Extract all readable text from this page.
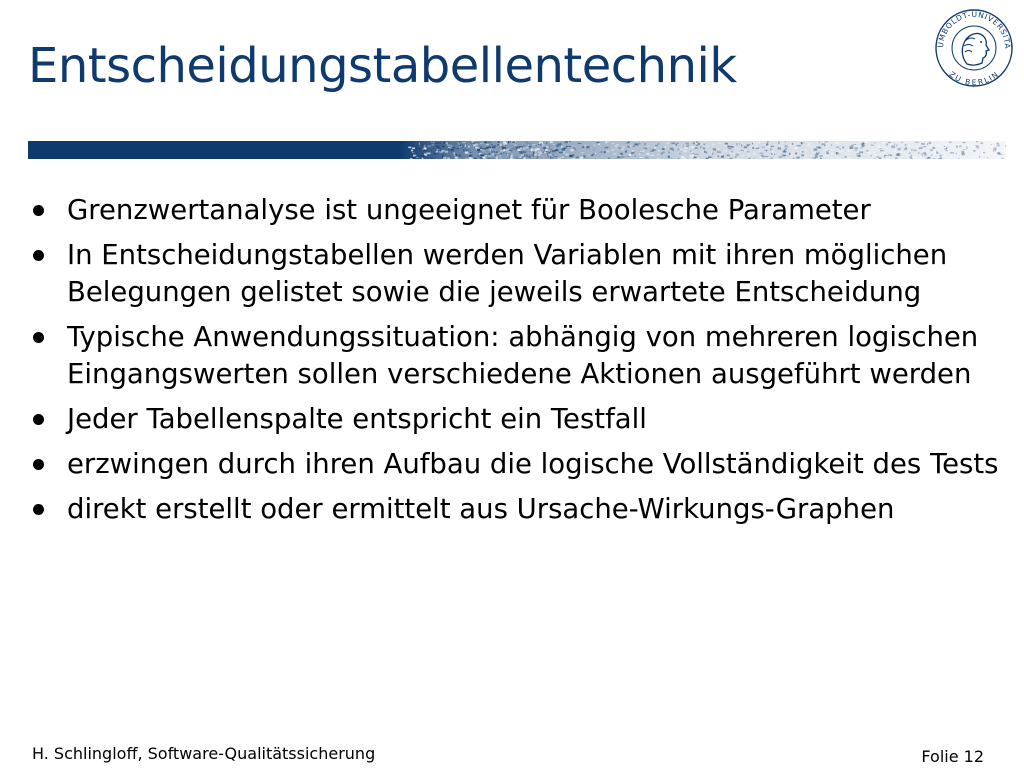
Entscheidungstabellentechnik	UMBOLDT-UNIVERSITÄ
ZU BERLIN
Grenzwertanalyse ist ungeeignet für Boolesche Parameter
In Entscheidungstabellen werden Variablen mit ihren möglichen Belegungen gelistet sowie die jeweils erwartete Entscheidung
Typische Anwendungssituation: abhängig von mehreren logischen Eingangswerten sollen verschiedene Aktionen ausgeführt werden
Jeder Tabellenspalte entspricht ein Testfall
erzwingen durch ihren Aufbau die logische Vollständigkeit des Tests
direkt erstellt oder ermittelt aus Ursache-Wirkungs-Graphen
H. Schlingloff, Software-Qualitätssicherung	Folie 12
